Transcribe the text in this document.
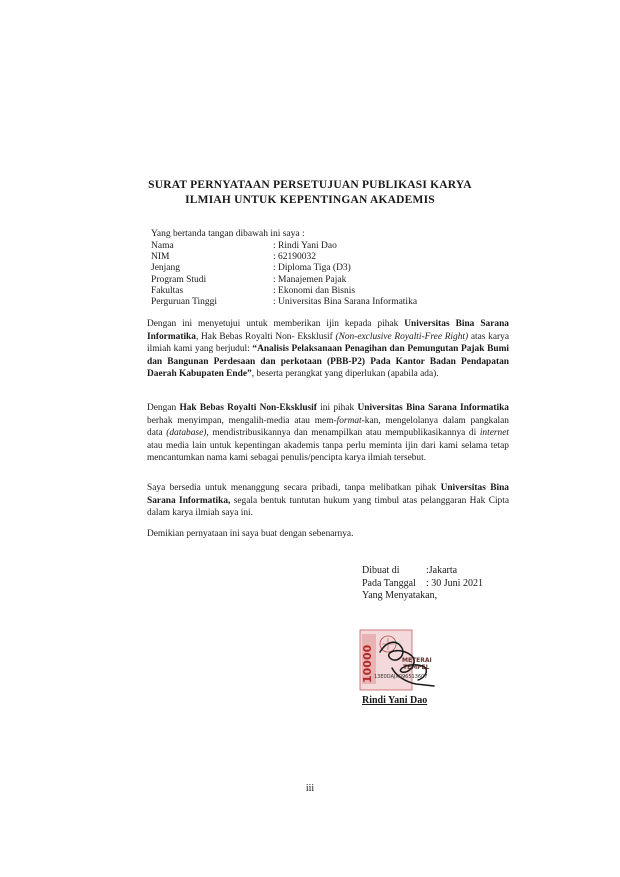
SURAT PERNYATAAN PERSETUJUAN PUBLIKASI KARYA
ILMIAH UNTUK KEPENTINGAN AKADEMIS
Yang bertanda tangan dibawah ini saya :
Nama	: Rindi Yani Dao
NIM	: 62190032
Jenjang	: Diploma Tiga (D3)
Program Studi	: Manajemen Pajak
Fakultas	: Ekonomi dan Bisnis
Perguruan Tinggi	: Universitas Bina Sarana Informatika
Dengan ini menyetujui untuk memberikan ijin kepada pihak Universitas Bina Sarana Informatika, Hak Bebas Royalti Non- Eksklusif (Non-exclusive Royalti-Free Right) atas karya ilmiah kami yang berjudul: “Analisis Pelaksanaan Penagihan dan Pemungutan Pajak Bumi dan Bangunan Perdesaan dan perkotaan (PBB-P2) Pada Kantor Badan Pendapatan Daerah Kabupaten Ende”, beserta perangkat yang diperlukan (apabila ada).
Dengan Hak Bebas Royalti Non-Eksklusif ini pihak Universitas Bina Sarana Informatika berhak menyimpan, mengalih-media atau mem-format-kan, mengelolanya dalam pangkalan data (database), mendistribusikannya dan menampilkan atau mempublikasikannya di internet atau media lain untuk kepentingan akademis tanpa perlu meminta ijin dari kami selama tetap mencantumkan nama kami sebagai penulis/pencipta karya ilmiah tersebut.
Saya bersedia untuk menanggung secara pribadi, tanpa melibatkan pihak Universitas Bina Sarana Informatika, segala bentuk tuntutan hukum yang timbul atas pelanggaran Hak Cipta dalam karya ilmiah saya ini.
Demikian pernyataan ini saya buat dengan sebenarnya.
Dibuat di	:Jakarta
Pada Tanggal	: 30 Juni 2021
Yang Menyatakan,
10000	METERAI
TEMPEL
13E0DAJX096513607
Rindi Yani Dao
iii
